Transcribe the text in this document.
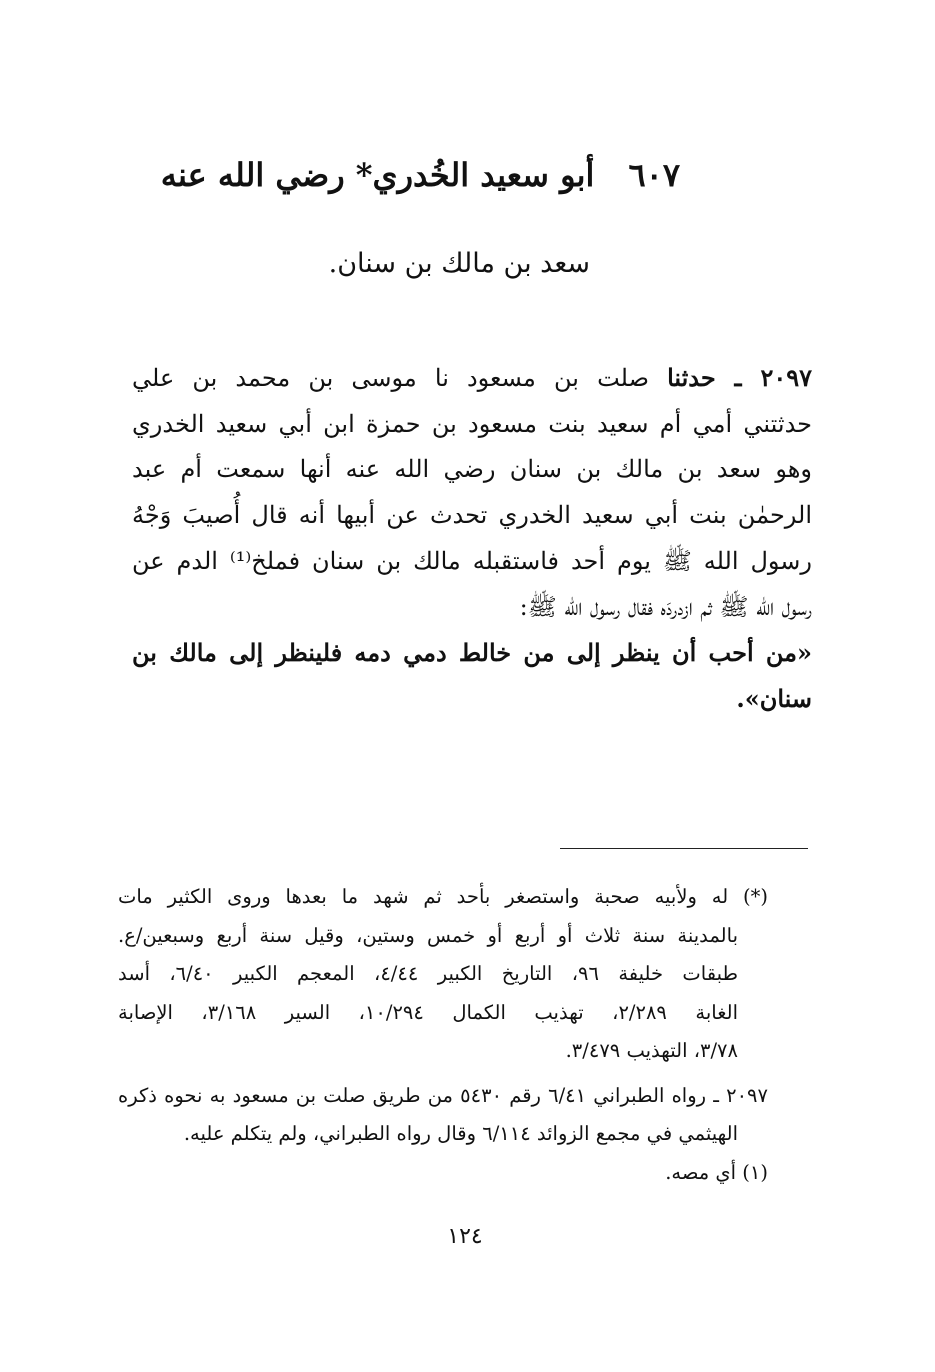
٦٠٧أبو سعيد الخُدري* رضي الله عنه
سعد بن مالك بن سنان.
٢٠٩٧ ـ حدثنا صلت بن مسعود نا موسى بن محمد بن علي
حدثتني أمي أم سعيد بنت مسعود بن حمزة ابن أبي سعيد الخدري
وهو سعد بن مالك بن سنان رضي الله عنه أنها سمعت أم عبد
الرحمٰن بنت أبي سعيد الخدري تحدث عن أبيها أنه قال أُصيبَ وَجْهُ
رسول الله ﷺ يوم أحد فاستقبله مالك بن سنان فملخ⁽¹⁾ الدم عن
رسول الله ﷺ ثم ازدردَه فقال رسول الله ﷺ:
«من أحب أن ينظر إلى من خالط دمي دمه فلينظر إلى مالك بن
سنان».
(*) له ولأبيه صحبة واستصغر بأحد ثم شهد ما بعدها وروى الكثير مات
بالمدينة سنة ثلاث أو أربع أو خمس وستين، وقيل سنة أربع وسبعين/ع.
طبقات خليفة ٩٦، التاريخ الكبير ٤/٤٤، المعجم الكبير ٦/٤٠، أسد
الغابة ٢/٢٨٩، تهذيب الكمال ١٠/٢٩٤، السير ٣/١٦٨، الإصابة
٣/٧٨، التهذيب ٣/٤٧٩.
٢٠٩٧ ـ رواه الطبراني ٦/٤١ رقم ٥٤٣٠ من طريق صلت بن مسعود به نحوه ذكره
الهيثمي في مجمع الزوائد ٦/١١٤ وقال رواه الطبراني، ولم يتكلم عليه.
(١) أي مصه.
١٢٤
